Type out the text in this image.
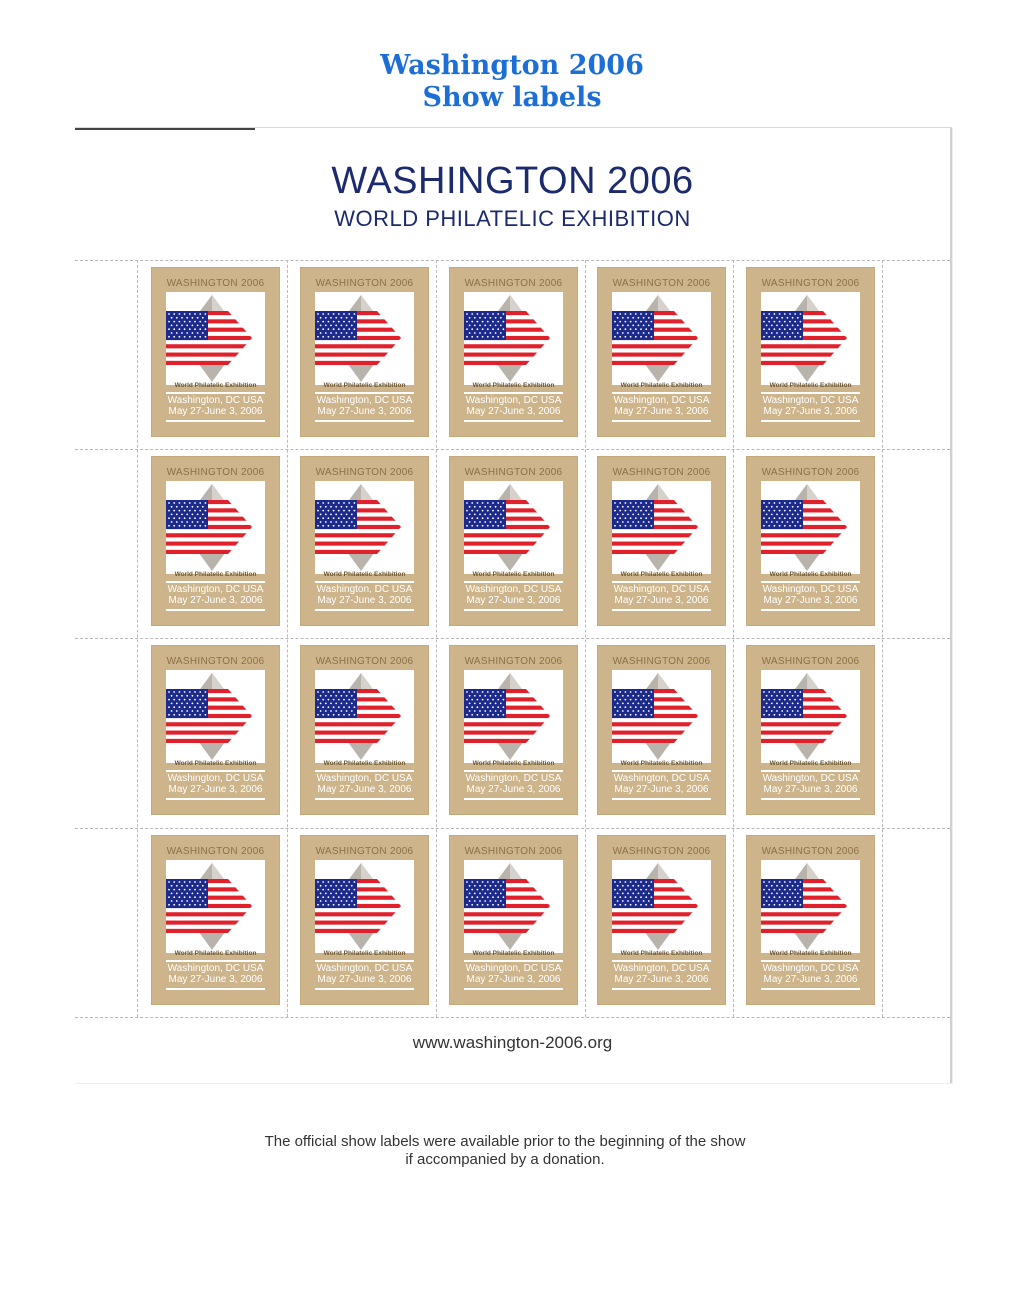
Washington 2006
Show labels
WASHINGTON 2006
WORLD PHILATELIC EXHIBITION
WASHINGTON 2006
World Philatelic Exhibition
Washington, DC USA
May 27-June 3, 2006
WASHINGTON 2006
World Philatelic Exhibition
Washington, DC USA
May 27-June 3, 2006
WASHINGTON 2006
World Philatelic Exhibition
Washington, DC USA
May 27-June 3, 2006
WASHINGTON 2006
World Philatelic Exhibition
Washington, DC USA
May 27-June 3, 2006
WASHINGTON 2006
World Philatelic Exhibition
Washington, DC USA
May 27-June 3, 2006
WASHINGTON 2006
World Philatelic Exhibition
Washington, DC USA
May 27-June 3, 2006
WASHINGTON 2006
World Philatelic Exhibition
Washington, DC USA
May 27-June 3, 2006
WASHINGTON 2006
World Philatelic Exhibition
Washington, DC USA
May 27-June 3, 2006
WASHINGTON 2006
World Philatelic Exhibition
Washington, DC USA
May 27-June 3, 2006
WASHINGTON 2006
World Philatelic Exhibition
Washington, DC USA
May 27-June 3, 2006
WASHINGTON 2006
World Philatelic Exhibition
Washington, DC USA
May 27-June 3, 2006
WASHINGTON 2006
World Philatelic Exhibition
Washington, DC USA
May 27-June 3, 2006
WASHINGTON 2006
World Philatelic Exhibition
Washington, DC USA
May 27-June 3, 2006
WASHINGTON 2006
World Philatelic Exhibition
Washington, DC USA
May 27-June 3, 2006
WASHINGTON 2006
World Philatelic Exhibition
Washington, DC USA
May 27-June 3, 2006
WASHINGTON 2006
World Philatelic Exhibition
Washington, DC USA
May 27-June 3, 2006
WASHINGTON 2006
World Philatelic Exhibition
Washington, DC USA
May 27-June 3, 2006
WASHINGTON 2006
World Philatelic Exhibition
Washington, DC USA
May 27-June 3, 2006
WASHINGTON 2006
World Philatelic Exhibition
Washington, DC USA
May 27-June 3, 2006
WASHINGTON 2006
World Philatelic Exhibition
Washington, DC USA
May 27-June 3, 2006
www.washington-2006.org
The official show labels were available prior to the beginning of the show
if accompanied by a donation.
